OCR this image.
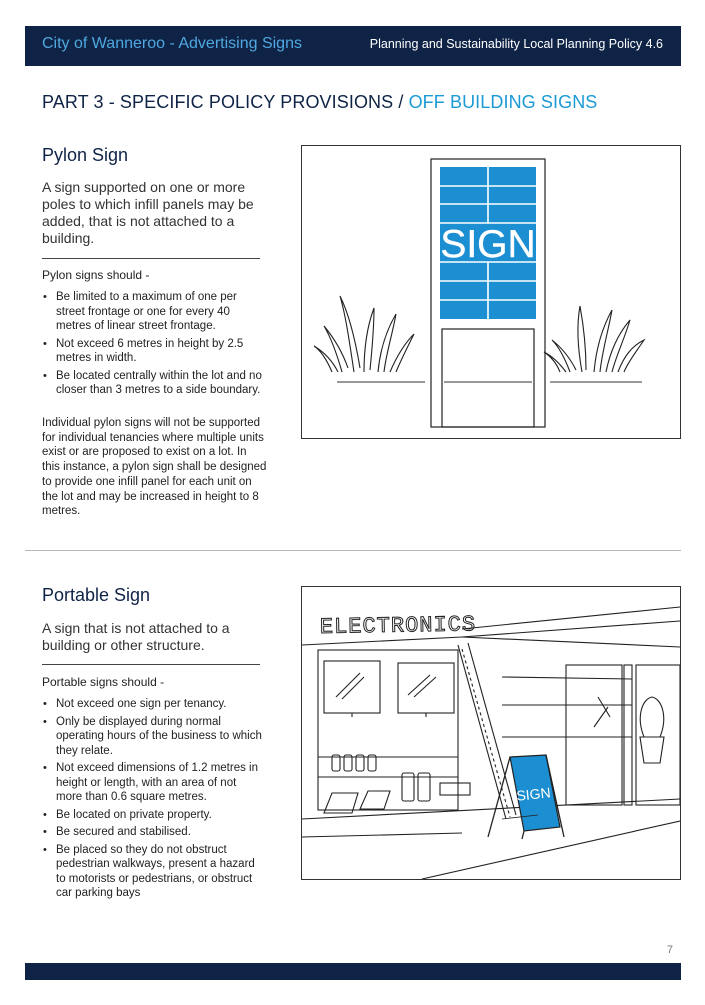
City of Wanneroo - Advertising Signs	Planning and Sustainability Local Planning Policy 4.6
PART 3 - SPECIFIC POLICY PROVISIONS / OFF BUILDING SIGNS
Pylon Sign
A sign supported on one or more poles to which infill panels may be added, that is not attached to a building.
Pylon signs should -
• Be limited to a maximum of one per street frontage or one for every 40 metres of linear street frontage.
• Not exceed 6 metres in height by 2.5 metres in width.
• Be located centrally within the lot and no closer than 3 metres to a side boundary.
Individual pylon signs will not be supported for individual tenancies where multiple units exist or are proposed to exist on a lot. In this instance, a pylon sign shall be designed to provide one infill panel for each unit on the lot and may be increased in height to 8 metres.
SIGN
Portable Sign
A sign that is not attached to a building or other structure.
Portable signs should -
• Not exceed one sign per tenancy.
• Only be displayed during normal operating hours of the business to which they relate.
• Not exceed dimensions of 1.2 metres in height or length, with an area of not more than 0.6 square metres.
• Be located on private property.
• Be secured and stabilised.
• Be placed so they do not obstruct pedestrian walkways, present a hazard to motorists or pedestrians, or obstruct car parking bays
ELECTRONICS
SIGN
7
